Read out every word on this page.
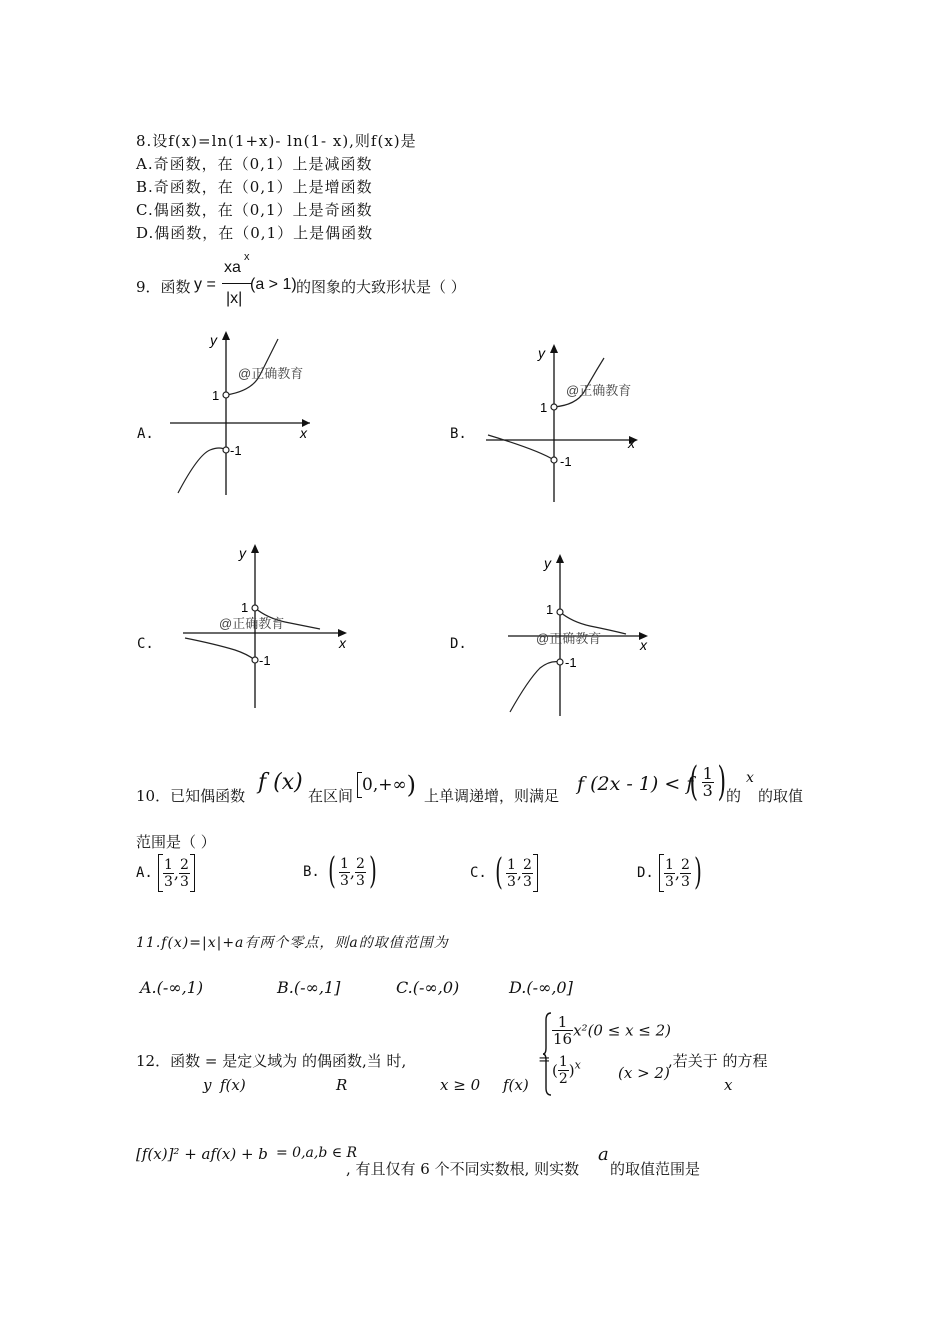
8.设f(x)=ln(1+x)- ln(1- x),则f(x)是
A.奇函数，在（0,1）上是减函数
B.奇函数，在（0,1）上是增函数
C.偶函数，在（0,1）上是奇函数
D.偶函数，在（0,1）上是偶函数
9．函数 y =
xa
x
|x|
(a > 1) 的图象的大致形状是（ ）
A.	B.
C.	D.
y
x
1
-1
@正确教育
y
x
1
-1
@正确教育
y
x
1
-1
@正确教育
y
x
1
-1
@正确教育
10．已知偶函数
f (x)
在区间
0,+∞) 上单调递增，则满足
f (2x - 1) < f
( $\frac{1}{3}$ ) 的
x
的取值
范围是（ ）
A. $\frac{1}{3}$ , $\frac{2}{3}$	B. ( $\frac{1}{3}$ , $\frac{2}{3}$ )	C. ( $\frac{1}{3}$ , $\frac{2}{3}$	D. $\frac{1}{3}$ , $\frac{2}{3}$ )
11.f(x)=|x|+a有两个零点，则a的取值范围为
A.(-∞,1)	B.(-∞,1]	C.(-∞,0)	D.(-∞,0]
12．函数 = 是定义域为 的偶函数,当 时,
y f(x)	R	x ≥ 0 f(x)
=
$\frac{1}{16} x^2(0 \le x \le 2)$
( $\frac{1}{2} )^x$ (x > 2)
,若关于 的方程
x
[f(x)]² + af(x) + b = 0,a,b ∈ R
, 有且仅有 6 个不同实数根, 则实数
a
的取值范围是
